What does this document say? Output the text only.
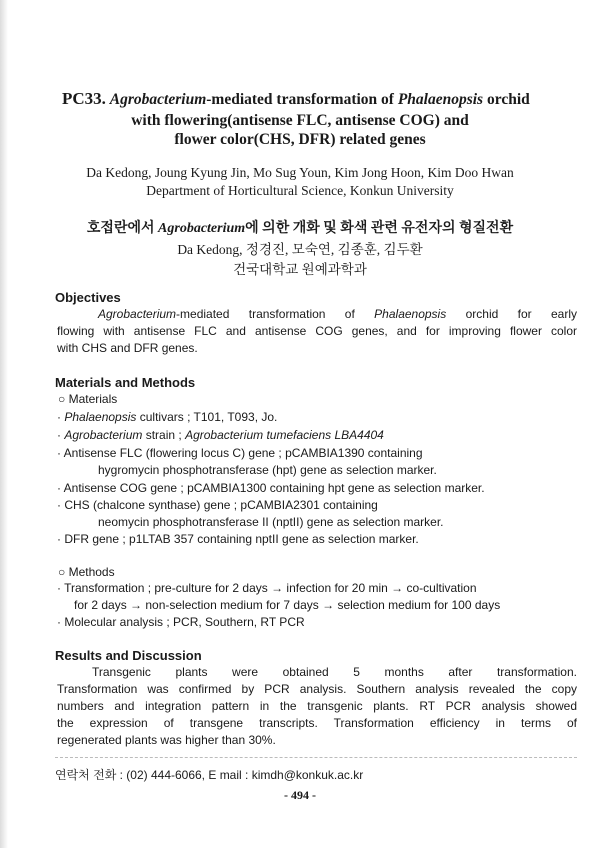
PC33. Agrobacterium-mediated transformation of Phalaenopsis orchid
with flowering(antisense FLC, antisense COG) and
flower color(CHS, DFR) related genes
Da Kedong, Joung Kyung Jin, Mo Sug Youn, Kim Jong Hoon, Kim Doo Hwan
Department of Horticultural Science, Konkun University
호접란에서 Agrobacterium에 의한 개화 및 화색 관련 유전자의 형질전환
Da Kedong, 정경진, 모숙연, 김종훈, 김두환
건국대학교 원예과학과
Objectives
Agrobacterium-mediated transformation of Phalaenopsis orchid for early
flowing with antisense FLC and antisense COG genes, and for improving flower color
with CHS and DFR genes.
Materials and Methods
○ Materials
· Phalaenopsis cultivars ; T101, T093, Jo.
· Agrobacterium strain ; Agrobacterium tumefaciens LBA4404
· Antisense FLC (flowering locus C) gene ; pCAMBIA1390 containing
hygromycin phosphotransferase (hpt) gene as selection marker.
· Antisense COG gene ; pCAMBIA1300 containing hpt gene as selection marker.
· CHS (chalcone synthase) gene ; pCAMBIA2301 containing
neomycin phosphotransferase II (nptII) gene as selection marker.
· DFR gene ; p1LTAB 357 containing nptII gene as selection marker.
○ Methods
· Transformation ; pre-culture for 2 days → infection for 20 min → co-cultivation
for 2 days → non-selection medium for 7 days → selection medium for 100 days
· Molecular analysis ; PCR, Southern, RT PCR
Results and Discussion
Transgenic plants were obtained 5 months after transformation.
Transformation was confirmed by PCR analysis. Southern analysis revealed the copy
numbers and integration pattern in the transgenic plants. RT PCR analysis showed
the expression of transgene transcripts. Transformation efficiency in terms of
regenerated plants was higher than 30%.
연락처 전화 : (02) 444-6066, E mail : kimdh@konkuk.ac.kr
- 494 -
